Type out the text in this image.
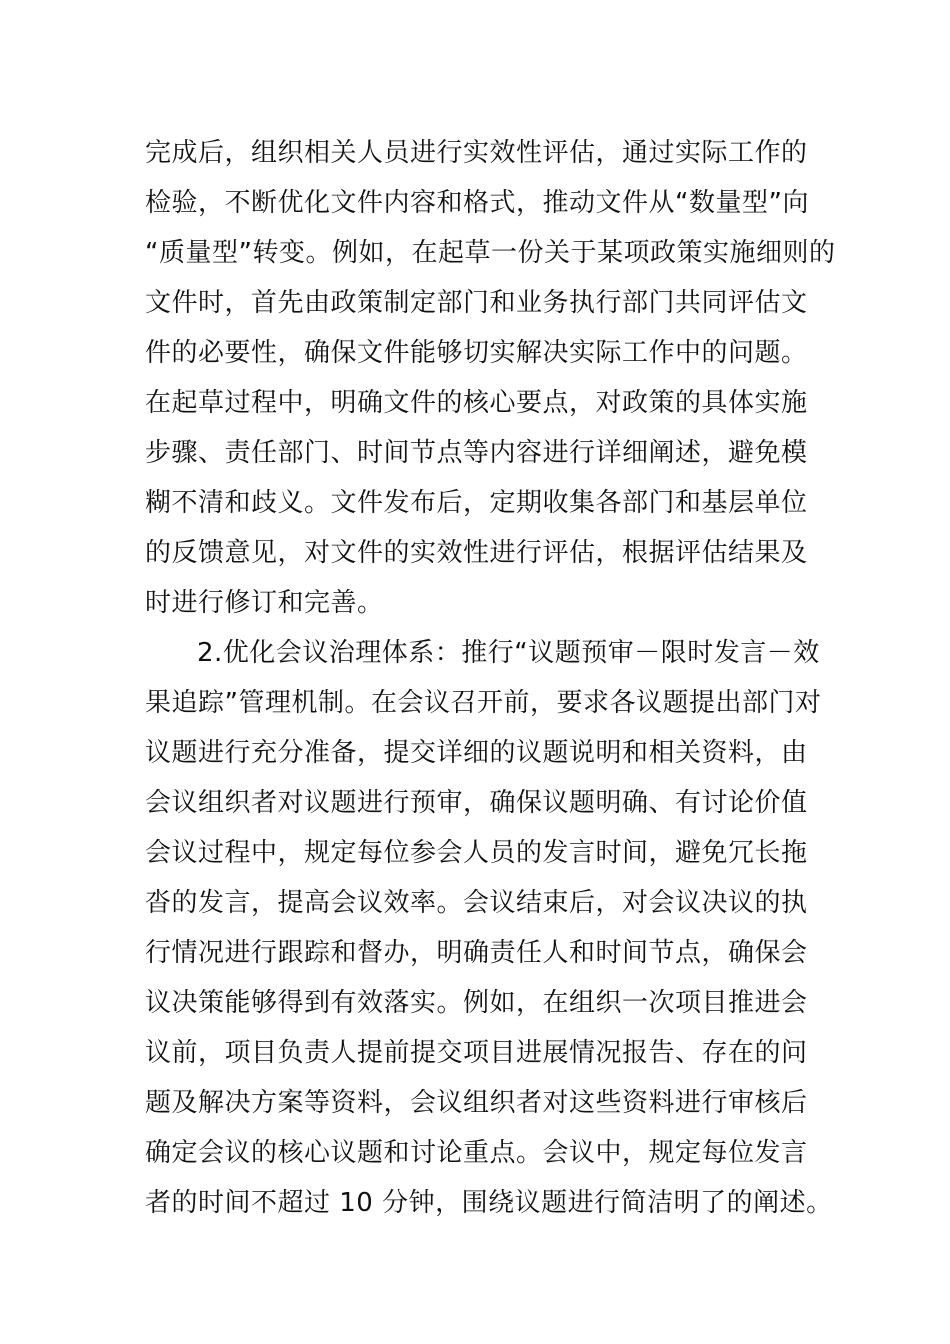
完成后，组织相关人员进行实效性评估，通过实际工作的
检验，不断优化文件内容和格式，推动文件从“数量型”向
“质量型”转变。例如，在起草一份关于某项政策实施细则的
文件时，首先由政策制定部门和业务执行部门共同评估文
件的必要性，确保文件能够切实解决实际工作中的问题。
在起草过程中，明确文件的核心要点，对政策的具体实施
步骤、责任部门、时间节点等内容进行详细阐述，避免模
糊不清和歧义。文件发布后，定期收集各部门和基层单位
的反馈意见，对文件的实效性进行评估，根据评估结果及
时进行修订和完善。
2.优化会议治理体系：推行“议题预审－限时发言－效
果追踪”管理机制。在会议召开前，要求各议题提出部门对
议题进行充分准备，提交详细的议题说明和相关资料，由
会议组织者对议题进行预审，确保议题明确、有讨论价值
会议过程中，规定每位参会人员的发言时间，避免冗长拖
沓的发言，提高会议效率。会议结束后，对会议决议的执
行情况进行跟踪和督办，明确责任人和时间节点，确保会
议决策能够得到有效落实。例如，在组织一次项目推进会
议前，项目负责人提前提交项目进展情况报告、存在的问
题及解决方案等资料，会议组织者对这些资料进行审核后
确定会议的核心议题和讨论重点。会议中，规定每位发言
者的时间不超过 10 分钟，围绕议题进行简洁明了的阐述。
